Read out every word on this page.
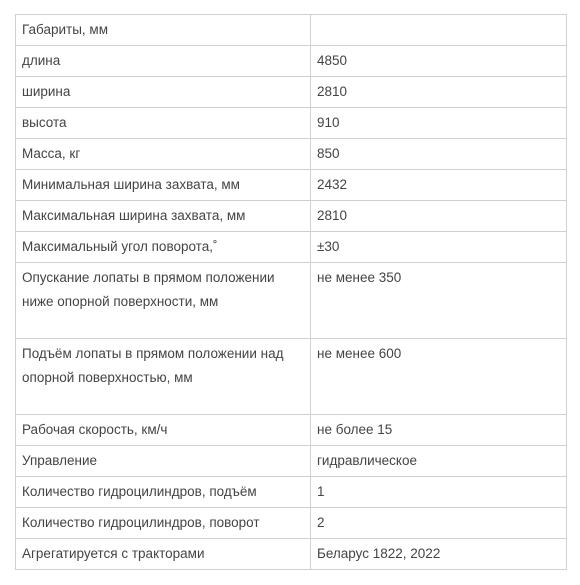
Габариты, мм	
длина	4850
ширина	2810
высота	910
Масса, кг	850
Минимальная ширина захвата, мм	2432
Максимальная ширина захвата, мм	2810
Максимальный угол поворота,˚	±30
Опускание лопаты в прямом положении ниже опорной поверхности, мм	не менее 350
Подъём лопаты в прямом положении над опорной поверхностью, мм	не менее 600
Рабочая скорость, км/ч	не более 15
Управление	гидравлическое
Количество гидроцилиндров, подъём	1
Количество гидроцилиндров, поворот	2
Агрегатируется с тракторами	Беларус 1822, 2022
